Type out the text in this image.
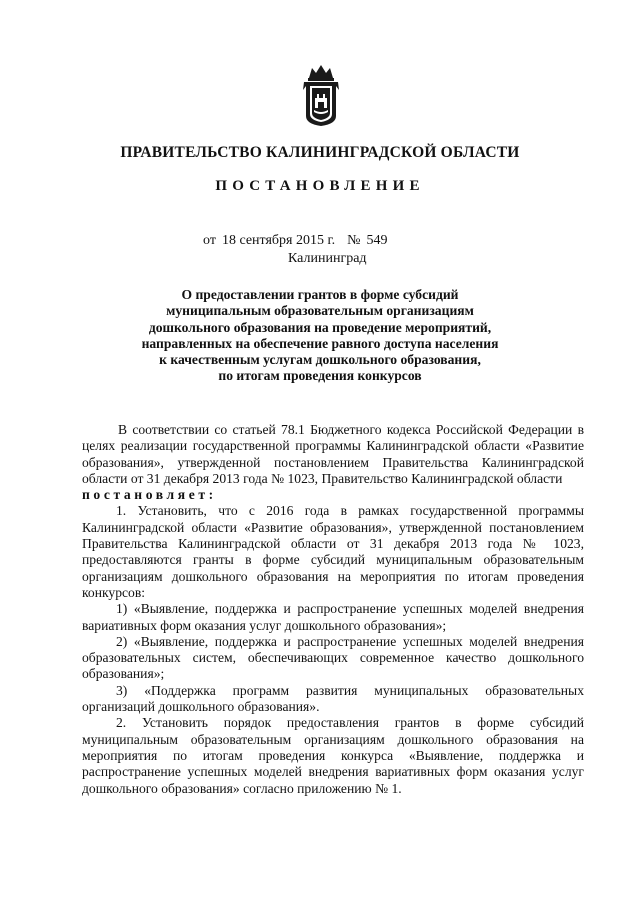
ПРАВИТЕЛЬСТВО КАЛИНИНГРАДСКОЙ ОБЛАСТИ
ПОСТАНОВЛЕНИЕ
от 18 сентября 2015 г. № 549
Калининград
О предоставлении грантов в форме субсидий
муниципальным образовательным организациям
дошкольного образования на проведение мероприятий,
направленных на обеспечение равного доступа населения
к качественным услугам дошкольного образования,
по итогам проведения конкурсов

В соответствии со статьей 78.1 Бюджетного кодекса Российской Федерации в целях реализации государственной программы Калининградской области «Развитие образования», утвержденной постановлением Правительства Калининградской области от 31 декабря 2013 года № 1023, Правительство Калининградской области

постановляет:

1. Установить, что с 2016 года в рамках государственной программы Калининградской области «Развитие образования», утвержденной постановлением Правительства Калининградской области от 31 декабря 2013 года № 1023, предоставляются гранты в форме субсидий муниципальным образовательным организациям дошкольного образования на мероприятия по итогам проведения конкурсов:

1) «Выявление, поддержка и распространение успешных моделей внедрения вариативных форм оказания услуг дошкольного образования»;

2) «Выявление, поддержка и распространение успешных моделей внедрения образовательных систем, обеспечивающих современное качество дошкольного образования»;

3) «Поддержка программ развития муниципальных образовательных организаций дошкольного образования».

2. Установить порядок предоставления грантов в форме субсидий муниципальным образовательным организациям дошкольного образования на мероприятия по итогам проведения конкурса «Выявление, поддержка и распространение успешных моделей внедрения вариативных форм оказания услуг дошкольного образования» согласно приложению № 1.
